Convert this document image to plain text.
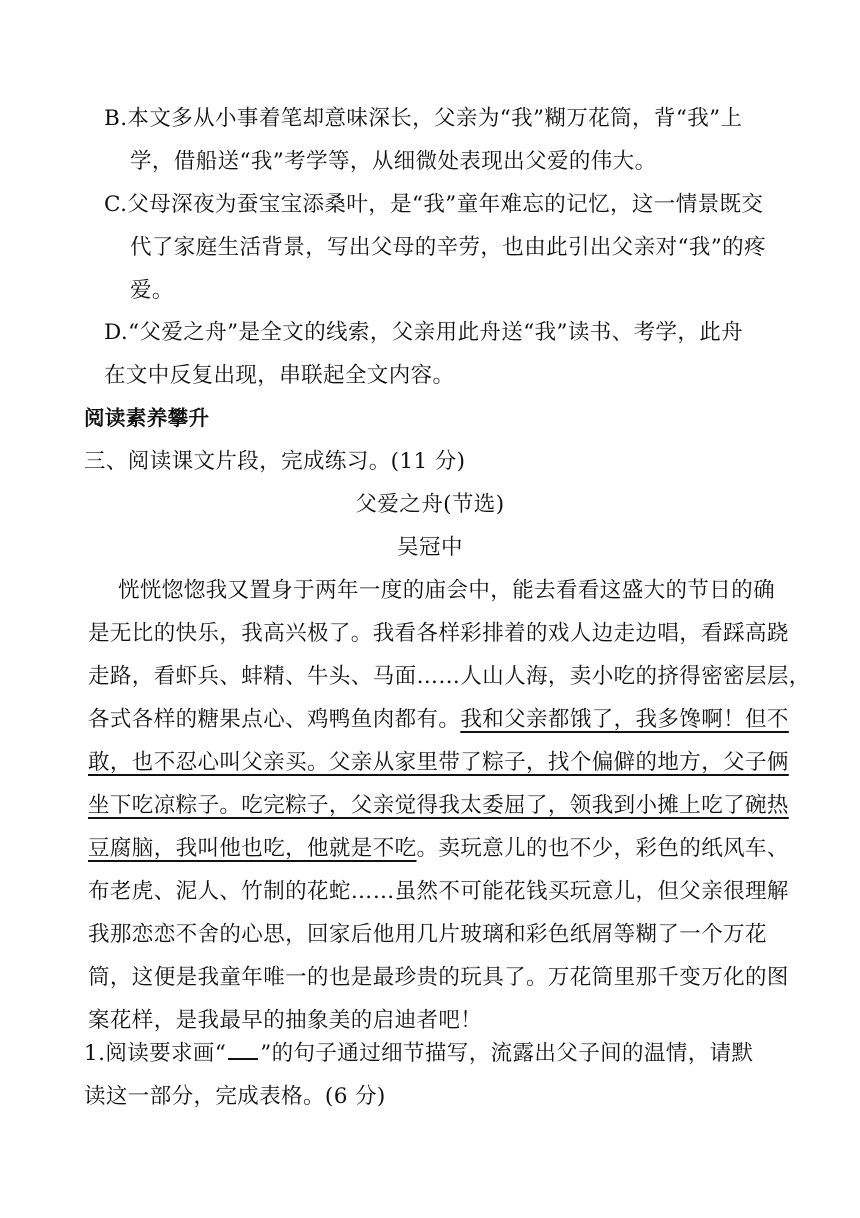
B.本文多从小事着笔却意味深长，父亲为“我”糊万花筒，背“我”上
学，借船送“我”考学等，从细微处表现出父爱的伟大。
C.父母深夜为蚕宝宝添桑叶，是“我”童年难忘的记忆，这一情景既交
代了家庭生活背景，写出父母的辛劳，也由此引出父亲对“我”的疼
爱。
D.“父爱之舟”是全文的线索，父亲用此舟送“我”读书、考学，此舟
在文中反复出现，串联起全文内容。
阅读素养攀升
三、阅读课文片段，完成练习。(11 分)
父爱之舟(节选)
吴冠中
恍恍惚惚我又置身于两年一度的庙会中，能去看看这盛大的节日的确
是无比的快乐，我高兴极了。我看各样彩排着的戏人边走边唱，看踩高跷
走路，看虾兵、蚌精、牛头、马面……人山人海，卖小吃的挤得密密层层，
各式各样的糖果点心、鸡鸭鱼肉都有。我和父亲都饿了，我多馋啊！但不
敢，也不忍心叫父亲买。父亲从家里带了粽子，找个偏僻的地方，父子俩
坐下吃凉粽子。吃完粽子，父亲觉得我太委屈了，领我到小摊上吃了碗热
豆腐脑，我叫他也吃，他就是不吃。卖玩意儿的也不少，彩色的纸风车、
布老虎、泥人、竹制的花蛇……虽然不可能花钱买玩意儿，但父亲很理解
我那恋恋不舍的心思，回家后他用几片玻璃和彩色纸屑等糊了一个万花
筒，这便是我童年唯一的也是最珍贵的玩具了。万花筒里那千变万化的图
案花样，是我最早的抽象美的启迪者吧！
1.阅读要求画“ ”的句子通过细节描写，流露出父子间的温情，请默
读这一部分，完成表格。(6 分)
